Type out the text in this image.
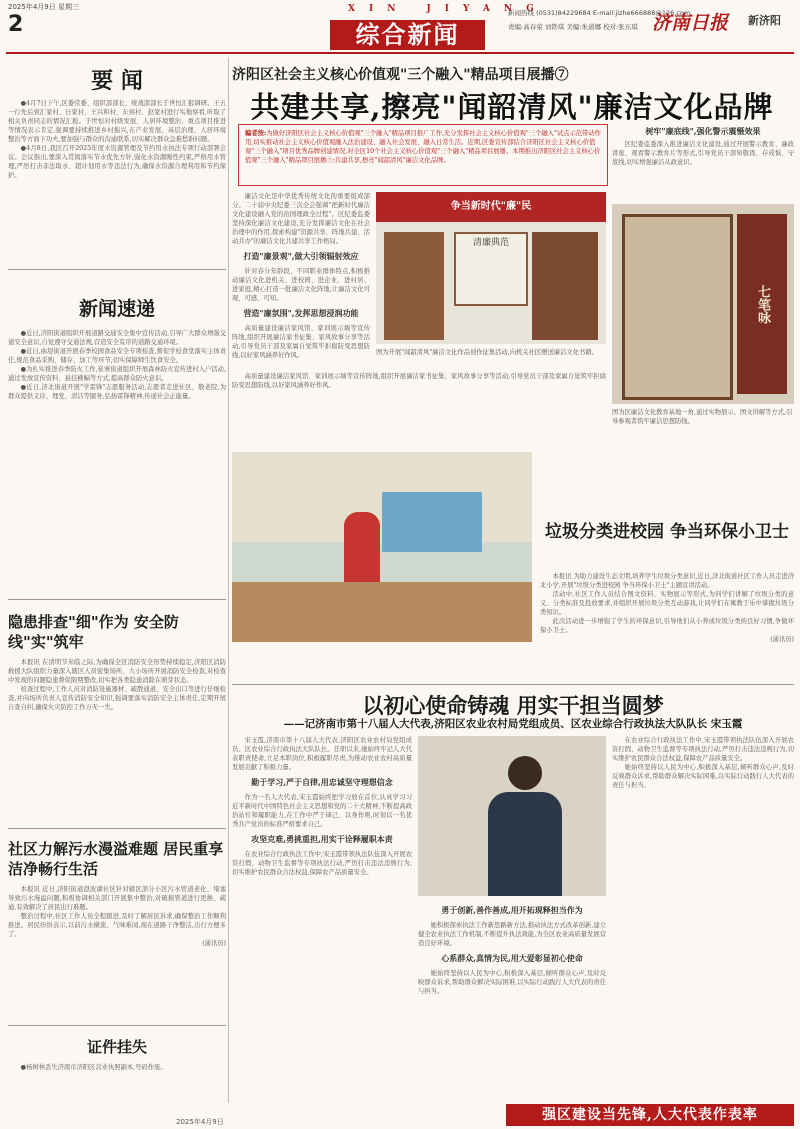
2025年4月9日 星期三
2
XIN JIYANG
综合新闻
新闻热线 (0531)84229684 E-mail:jizhe666888@126.com
责编:高春荣 刘铁琪 美编:朱道娜 校对:张东琪 济南日报 新济阳
要 闻

●4月7日下午,区委常委、组织部部长、统战部部长于世恒汇报调研。王五一行先后到汇家村、日家村、王兴和村、东侯村、赵家村进行实地察看,听取了相关负责同志的情况汇报。于世恒对村级发展、人居环境整治、重点项目推进等情况表示肯定,强调要持续推进乡村振兴,在产业发展、基层治理、人居环境整治等方面下功夫,要加强与群众的沟通联系,切实解决群众急难愁盼问题。

●4月8日,我区召开2025年度水资源管理及节约用水执法专项行动部署会议。会议指出,要深入贯彻落实节水优先方针,强化水资源刚性约束,严格用水管理,严厉打击非法取水、超计划用水等违法行为,确保水资源合理利用和节约保护。

新闻速递

●近日,济阳街道组织开展道路交通安全集中宣传活动,引导广大群众增强交通安全意识,自觉遵守交通法规,营造安全有序的道路交通环境。

●近日,曲堤街道开展春季校园食品安全专项检查,督促学校食堂落实主体责任,规范食品采购、储存、加工等环节,切实保障师生饮食安全。

●为扎实推进春季防火工作,崔寨街道组织开展森林防火宣传进村入户活动,通过发放宣传资料、悬挂横幅等方式,提高群众防火意识。

●近日,济北街道开展"学雷锋"志愿服务活动,志愿者走进社区、敬老院,为群众提供义诊、理发、清洁等服务,弘扬雷锋精神,传递社会正能量。

隐患排查"细"作为 安全防线"实"筑牢

本报讯 在清明节来临之际,为确保全区消防安全形势持续稳定,济阳区消防救援大队组织力量深入辖区人员密集场所、九小场所开展消防安全检查,对检查中发现的问题隐患督促限期整改,切实把各类隐患消除在萌芽状态。

检查过程中,工作人员对消防设施器材、疏散通道、安全出口等进行仔细检查,并向场所负责人宣传消防安全知识,强调要落实消防安全主体责任,定期开展自查自纠,确保火灾防控工作万无一失。

社区力解污水漫溢难题 居民重享洁净畅行生活

本报讯 近日,济阳街道澄波湖社区针对辖区部分小区污水管道老化、堵塞导致污水漫溢问题,积极协调相关部门开展集中整治,对破损管道进行更换、疏通,有效解决了居民出行难题。

整治过程中,社区工作人员全程跟进,及时了解居民诉求,确保整治工作顺利推进。居民纷纷表示,以前污水横流、气味难闻,现在道路干净整洁,出行方便多了。

(通讯员)
证件挂失

●杨树林丢失济南市济阳区营业执照副本,号码作废。

济阳区社会主义核心价值观"三个融入"精品项目展播⑦
共建共享,擦亮"闻韶清风"廉洁文化品牌
编者按:为做好济阳区社会主义核心价值观"三个融入"精品项目推广工作,充分发挥社会主义核心价值观"三个融入"试点示范带动作用,切实推动社会主义核心价值观融入法治建设、融入社会发展、融入日常生活。近期,区委宣传部结合济阳区社会主义核心价值观"三个融入"项目优秀品牌创建情况,对全区10个社会主义核心价值观"三个融入"精品项目展播。本期推出济阳区社会主义核心价值观"三个融入"精品项目展播⑦:共建共享,擦亮"闻韶清风"廉洁文化品牌。

廉洁文化是中华优秀传统文化的重要组成部分。二十届中央纪委三次全会强调"把新时代廉洁文化建设融入党的治国理政全过程"。区纪委监委坚持深化廉洁文化建设,充分发挥廉洁文化在社会治理中的作用,探索构建"资源共享、阵地共建、活动共办"的廉洁文化共建共享工作格局。

打造"廉景观",做大引领辐射效应

针对春分年龄段、不同职业群体特点,积极推动廉洁文化进机关、进校园、进企业、进村居、进家庭,精心打造一批廉洁文化阵地,让廉洁文化可观、可感、可知。

营造"廉氛围",发挥思想浸润功能

高质量建设廉洁家风馆、家训展示墙等宣传阵地,组织开展廉洁家书征集、家风故事分享等活动,引导党员干部及家属自觉筑牢拒腐防变思想防线,以好家风涵养好作风。

争当新时代"廉"民
清廉典范
图为开展"闻韶清风"廉洁文化作品创作征集活动,向机关社区赠送廉洁文化书籍。

高质量建设廉洁家风馆、家训展示墙等宣传阵地,组织开展廉洁家书征集、家风故事分享等活动,引导党员干部及家属自觉筑牢拒腐防变思想防线,以好家风涵养好作风。

树牢"廉底线",强化警示震慑效果

区纪委监委深入推进廉洁文化建设,通过开展警示教育、廉政讲座、观看警示教育片等形式,引导党员干部知敬畏、存戒惧、守底线,切实增强廉洁从政意识。

七笔咏
图为区廉洁文化教育基地一角,通过实物展示、图文讲解等方式,引导参观者筑牢廉洁思想防线。
垃圾分类进校园 争当环保小卫士

本报讯 为助力建设生态文明,培养学生垃圾分类意识,近日,济北街道社区工作人员走进济北小学,开展"垃圾分类进校园 争当环保小卫士"主题宣讲活动。

活动中,社区工作人员结合图文资料、实物展示等形式,为同学们讲解了垃圾分类的意义、分类标准及投放要求,并组织开展垃圾分类互动游戏,让同学们在寓教于乐中掌握垃圾分类知识。

此次活动进一步增强了学生的环保意识,引导他们从小养成垃圾分类的良好习惯,争做环保小卫士。

(通讯员)
以初心使命铸魂 用实干担当圆梦
——记济南市第十八届人大代表,济阳区农业农村局党组成员、区农业综合行政执法大队队长 宋玉霞

宋玉霞,济南市第十八届人大代表,济阳区农业农村局党组成员、区农业综合行政执法大队队长。任职以来,她始终牢记人大代表职责使命,立足本职岗位,积极履职尽责,为推动农业农村高质量发展贡献了积极力量。

勤于学习,严于自律,用忠诚坚守理想信念

作为一名人大代表,宋玉霞始终把学习放在首位,认真学习习近平新时代中国特色社会主义思想和党的二十大精神,不断提高政治站位和履职能力,在工作中严于律己、以身作则,时刻以一名优秀共产党员的标准严格要求自己。

攻坚克难,勇挑重担,用实干诠释履职本责

在农业综合行政执法工作中,宋玉霞带领执法队伍深入开展农资打假、动物卫生监督等专项执法行动,严厉打击违法违规行为,切实维护农民群众合法权益,保障农产品质量安全。

勇于创新,善作善成,用开拓现释担当作为

她积极探索执法工作新思路新方法,推动执法方式改革创新,建立健全农业执法工作机制,不断提升执法效能,为全区农业高质量发展营造良好环境。

心系群众,真情为民,用大爱彰显初心使命

她始终坚持以人民为中心,积极深入基层,倾听群众心声,及时反映群众诉求,帮助群众解决实际困难,以实际行动践行人大代表的责任与担当。

在农业综合行政执法工作中,宋玉霞带领执法队伍深入开展农资打假、动物卫生监督等专项执法行动,严厉打击违法违规行为,切实维护农民群众合法权益,保障农产品质量安全。

她始终坚持以人民为中心,积极深入基层,倾听群众心声,及时反映群众诉求,帮助群众解决实际困难,以实际行动践行人大代表的责任与担当。

强区建设当先锋,人大代表作表率
2025年4月9日
